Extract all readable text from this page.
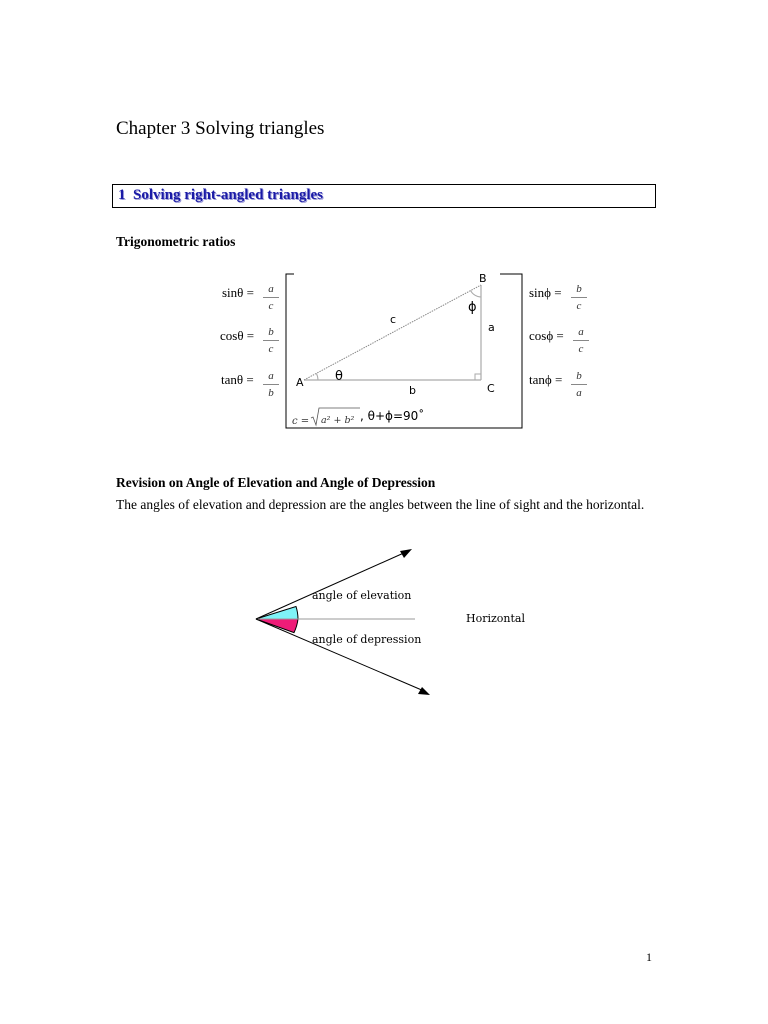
Chapter 3 Solving triangles
1 Solving right-angled triangles
Trigonometric ratios
sinθ =	a
c
cosθ =	b
c
tanθ =	a
b
sinϕ =	b
c
cosϕ =	a
c
tanϕ =	b
a
B
A	C
a
b
c
θ
ϕ
c = a² + b² , θ+ϕ=90˚
Revision on Angle of Elevation and Angle of Depression
The angles of elevation and depression are the angles between the line of sight and the horizontal.
angle of elevation
angle of depression
Horizontal
1
